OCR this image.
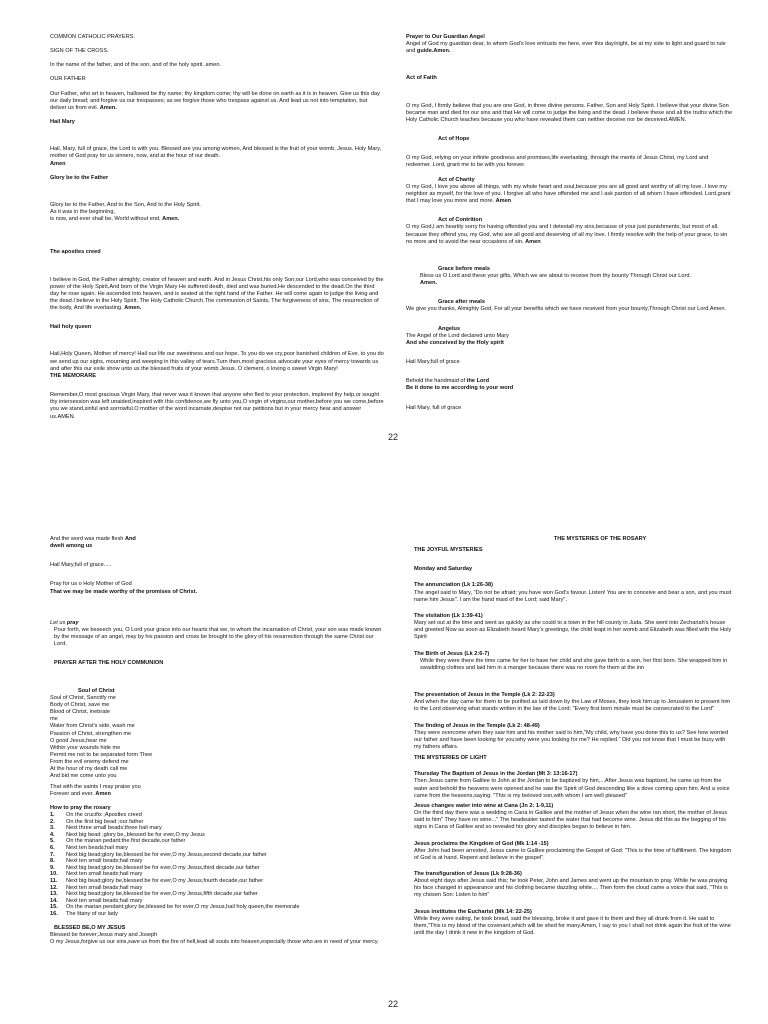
COMMON CATHOLIC PRAYERS.

SIGN OF THE CROSS.

In the name of the father, and of the son, and of the holy spirit .amen.

OUR FATHER

Our Father, who art in heaven, hallowed be thy name; thy kingdom come; thy will be done on earth as it is in heaven. Give us this day our daily bread; and forgive us our trespasses; as we forgive those who trespass against us. And lead us not into temptation, but deliver us from evil. Amen.

Hail Mary

Hail, Mary, full of grace, the Lord is with you. Blessed are you among women, And blessed is the fruit of your womb, Jesus. Holy Mary, mother of God pray for us sinners, now, and at the hour of our death.
Amen

Glory be to the Father

Glory be to the Father, And to the Son, And to the Holy Spirit.
As it was in the beginning,
is now, and ever shall be, World without end. Amen.

The apostles creed

I believe in God, the Father almighty, creator of heaven and earth. And in Jesus Christ,his only Son,our Lord,who was conceived by the power of the Holy Spirit,And born of the Virgin Mary He suffered death, died and was buried.He descended to the dead.On the third day he rose again. He ascended into heaven, and is seated at the right hand of the Father. He will come again to judge the living and the dead.I believe in the Holy Spirit, The Holy Catholic Church.The communion of Saints, The forgiveness of sins, The resurrection of the body, And life everlasting. Amen.

Hail holy queen

Hail,Holy Queen, Mother of mercy! Hail our life our sweetness and our hope. To you do we cry,poor banished children of Eve, to you do we send up our sighs, mourning and weeping in this valley of tears.Turn then,most gracious advocate your eyes of mercy towards us and after this our exile show unto us the blessed fruits of your womb Jesus. O clement, o loving o sweet Virgin Mary!

THE MEMORARE

Remember,O most gracious Virgin Mary, that never was it known that anyone who fled to your protection, implored thy help,or sought thy intersession was left unaided,inspired with this confidence,we fly unto you,O virgin of virgins,our mother,before you we come,before you we stand,sinful and sorrowful.O mother of the word incarnate,despise not our petitions but in your mercy hear and answer us.AMEN.

Prayer to Our Guardian Angel

Angel of God my guardian dear, to whom God's love entrusts me here, ever this day/night, be at my side to light and guard to rule and guide.Amen.

Act of Faith

O my God, I firmly believe that you are one God, in three divine persons. Father, Son and Holy Spirit. I believe that your divine Son became man and died for our sins and that He will come to judge the living and the dead. I believe these and all the truths which the Holy Catholic Church teaches because you who have revealed them can neither deceive nor be deceived.AMEN.

Act of Hope

O my God, relying on your infinite goodness and promises,life everlasting, through the merits of Jesus Christ, my Lord and redeemer. Lord, grant me to be with you forever.

Act of Charity

O my God, I love you above all things, with my whole heart and soul,because you are all good and worthy of all my love. I love my neighbor as myself, for the love of you. I forgive all who have offended me and I ask pardon of all whom I have offended. Lord,grant that I may love you more and more. Amen

Act of Contrition

O my God,I am heartily sorry for having offended you and I detestall my sins,because of your just punishments, but most of all, because they offend you, my God, who are all good and deserving of all my love. I firmly resolve with the help of your grace, to sin no more and to avoid the near occasions of sin. Amen

Grace before meals

Bless us O Lord and these your gifts, Which we are about to receive from thy bounty Through Christ our Lord.
Amen.

Grace after meals

We give you thanks, Almighty God, For all your benefits which we have received from your bounty,Through Christ our Lord.Amen.

Angelus

The Angel of the Lord declared unto Mary

And she conceived by the Holy spirit

Hail Mary,full of grace

Behold the handmaid of the Lord

Be it done to me according to your word

Hail Mary, full of grace

22

And the word was made flesh And
dwelt among us

Hail Mary,full of grace.....

Pray for us o Holy Mother of God

That we may be made worthy of the promises of Christ.

Let us pray

Pour forth, we beseech you, O Lord your grace into our hearts that we, to whom the incarnation of Christ, your son was made known by the message of an angel, may by his passion and cross be brought to the glory of his resurrection through the same Christ our Lord.

PRAYER AFTER THE HOLY COMMUNION

Soul of Christ

Soul of Christ, Sanctify me

Body of Christ, save me

Blood of Christ, inebrate

me

Water from Christ's side, wash me

Passion of Christ, strengthen me

O good Jesus,hear me

Within your wounds hide me

Permit me not to be separated form Thee

From the evil enemy defend me

At the hour of my death call me

And bid me come unto you

That with the saints I may praise you

Forever and ever. Amen

How to pray the rosary

1.	On the crucifix ;Apostles creed
2.	On the first big bead ;our father
3.	Next three small beads;three hail mary
4.	Next big bead ;glory be,,blessed be for ever,O my Jesus
5.	On the marian pedant;the first decade,our father
6.	Next ten beads;hail mary
7.	Next big bead;glory be,blessed be for ever,O my Jesus,second decade,our father
8.	Next ten small beads;hail mary
9.	Next big bead;glory be,blessed be for ever,O my Jesus,third decade,our father
10.	Next ten small beads;hail mary
11.	Next big bead;glory be,blessed be for ever,O my Jesus,fourth decade,our father
12.	Next ten small beads;hail mary
13.	Next big bead;glory be,blessed be for ever,O my Jesus,fifth decade,our father
14.	Next ten small beads;hail mary
15.	On the marian pendant;glory be,blessed be for ever,O my Jesus,hail holy queen,the memorale
16.	The litany of our lady

BLESSED BE,O MY JESUS

Blessed be forever;Jesus mary and Joseph

O my Jesus,forgive us our sins,save us from the fire of hell,lead all souls into heaven,especially those who are in need of your mercy.

THE MYSTERIES OF THE ROSARY

THE JOYFUL MYSTERIES

Monday and Saturday

The annunciation (Lk 1:26-38)

The angel said to Mary, "Do not be afraid; you have won God's favour. Listen! You are to conceive and bear a son, and you must name him Jesus". I am the hand maid of the Lord; said Mary".

The visitation (Lk 1:39-41)

Mary set out at the time and went as quickly as she could to a town in the hill county in Juda. She went into Zechariah's house and greeted Now as soon as Elizabeth heard Mary's greetings, the child leapt in her womb and Elizabeth was filled with the Holy Spirit

The Birth of Jesus (Lk 2:6-7)

While they were there the time came for her to have her child and she gave birth to a son, her first born. She wrapped him in swaddling clothes and laid him in a manger because there was no room for them at the inn

The presentation of Jesus in the Temple (Lk 2: 22-23)

And when the day came for them to be purified as laid down by the Law of Moses, they took him up to Jerusalem to present him to the Lord observing what stands written in the law of the Lord: "Every first born minale must be consecrated to the Lord"

The finding of Jesus in the Temple (Lk 2: 48-49)

They were overcome when they saw him and his mother said to him,"My child, why have you done this to us? See how worried our father and have been looking for you;why were you looking for me? He replied." Did you not know that I must be busy with my fathers affairs.

THE MYSTERIES OF LIGHT

Thursday The Baptism of Jesus in the Jordan (Mt 3: 13:16-17)

Then Jesus came from Galilee to John at the Jordan to be baptized by him,...After Jesus was baptized, he came up from the water and behold the heavens were opened and he saw the Spirit of God descending like a dove coming upon him. And a voice came from the heavens,saying. "This is my beloved son,with whom I am well pleased"

Jesus changes water into wine at Cana (Jn 2: 1-9,11)

On the third day there was a wedding in Cana in Galilee and the mother of Jesus when the wine ran short, the mother of Jesus said to him" They have no wine..." The headwaiter tasted the water that had become wine. Jesus did this as the begging of his signs in Cana of Galilee and so revealed his glory and disciples began to believe in him.

Jesus proclaims the Kingdom of God (Mk 1:14 -15)

After John had been arrested, Jesus came to Galilee proclaiming the Gospel of God: "This is the time of fulfillment. The kingdom of God is at hand. Repent and believe in the gospel".

The transfiguration of Jesus (Lk 9:28-36)

About eight days after Jesus said this; he took Peter, John and James and went up the mountain to pray. While he was praying his face changed in appearance and his clothing became dazzling white.... Then form the cloud came a voice that said, "This is my chosen Son: Listen to him"

Jesus institutes the Eucharist (Mk 14: 22-25)

While they were eating, he took bread, said the blessing, broke it and gave it to them and they all drunk from it. He said to them,"This is my blood of the covenant,which will be shed for many.Amen, I say to you I shall not drink again the fruit of the wine until the day I drink it new in the kingdom of God.

22
